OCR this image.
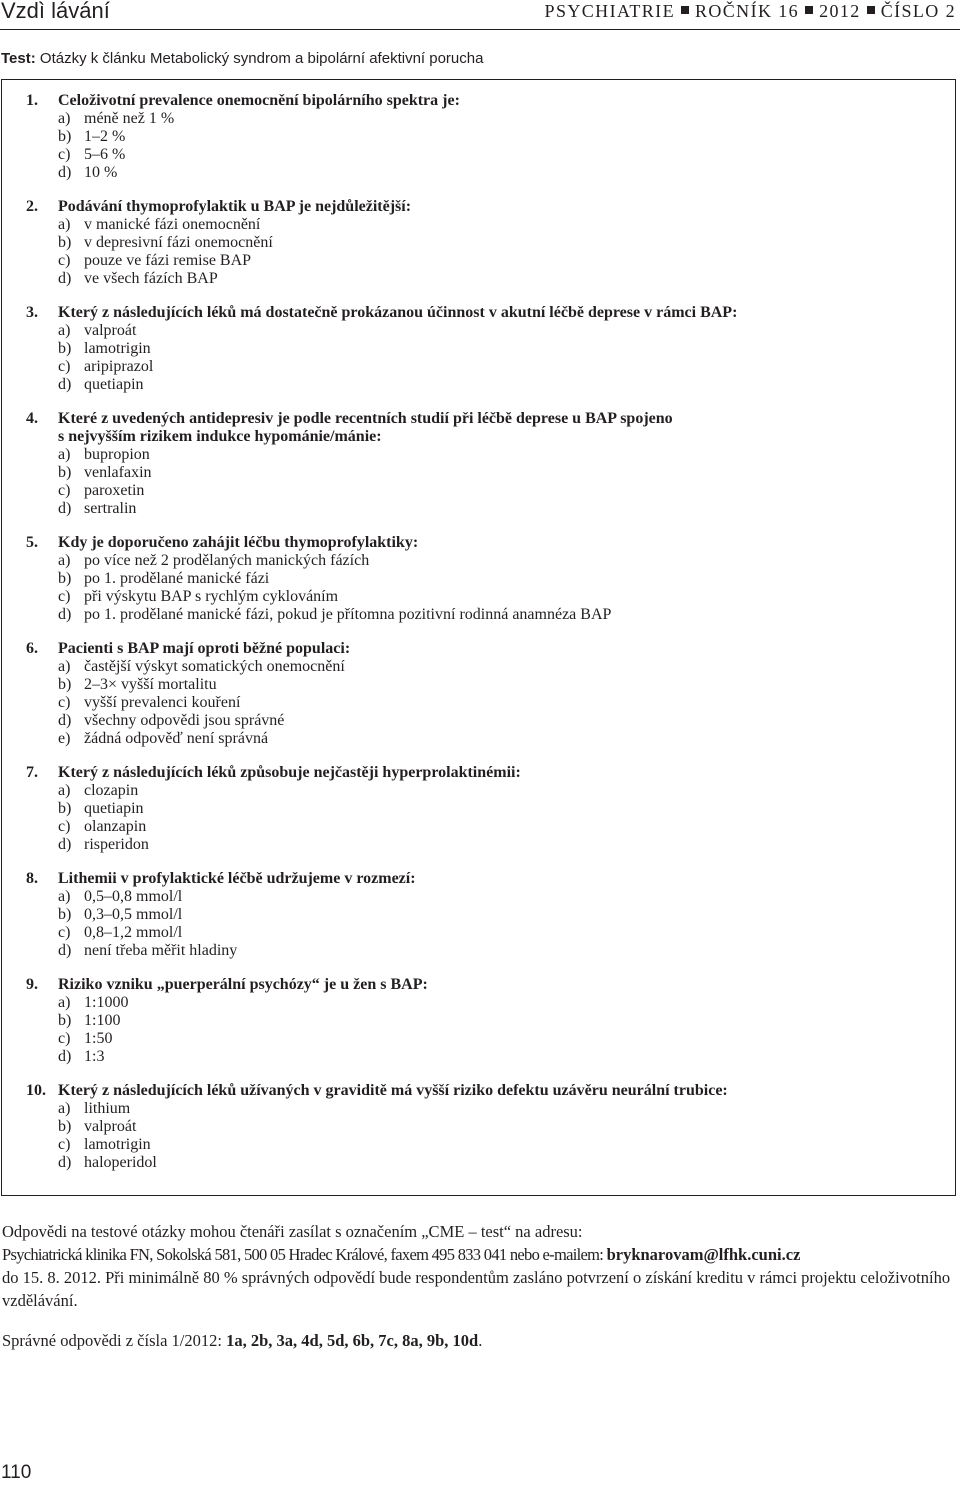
Vzdì lávání	PSYCHIATRIE ROČNÍK 16 2012 ČÍSLO 2
Test: Otázky k článku Metabolický syndrom a bipolární afektivní porucha
1. Celoživotní prevalence onemocnění bipolárního spektra je:
a) méně než 1 %
b) 1–2 %
c) 5–6 %
d) 10 %
2. Podávání thymoprofylaktik u BAP je nejdůležitější:
a) v manické fázi onemocnění
b) v depresivní fázi onemocnění
c) pouze ve fázi remise BAP
d) ve všech fázích BAP
3. Který z následujících léků má dostatečně prokázanou účinnost v akutní léčbě deprese v rámci BAP:
a) valproát
b) lamotrigin
c) aripiprazol
d) quetiapin
4. Které z uvedených antidepresiv je podle recentních studií při léčbě deprese u BAP spojeno
s nejvyšším rizikem indukce hypománie/mánie:
a) bupropion
b) venlafaxin
c) paroxetin
d) sertralin
5. Kdy je doporučeno zahájit léčbu thymoprofylaktiky:
a) po více než 2 prodělaných manických fázích
b) po 1. prodělané manické fázi
c) při výskytu BAP s rychlým cyklováním
d) po 1. prodělané manické fázi, pokud je přítomna pozitivní rodinná anamnéza BAP
6. Pacienti s BAP mají oproti běžné populaci:
a) častější výskyt somatických onemocnění
b) 2–3× vyšší mortalitu
c) vyšší prevalenci kouření
d) všechny odpovědi jsou správné
e) žádná odpověď není správná
7. Který z následujících léků způsobuje nejčastěji hyperprolaktinémii:
a) clozapin
b) quetiapin
c) olanzapin
d) risperidon
8. Lithemii v profylaktické léčbě udržujeme v rozmezí:
a) 0,5–0,8 mmol/l
b) 0,3–0,5 mmol/l
c) 0,8–1,2 mmol/l
d) není třeba měřit hladiny
9. Riziko vzniku „puerperální psychózy“ je u žen s BAP:
a) 1:1000
b) 1:100
c) 1:50
d) 1:3
10. Který z následujících léků užívaných v graviditě má vyšší riziko defektu uzávěru neurální trubice:
a) lithium
b) valproát
c) lamotrigin
d) haloperidol

Odpovědi na testové otázky mohou čtenáři zasílat s označením „CME – test“ na adresu:

Psychiatrická klinika FN, Sokolská 581, 500 05 Hradec Králové, faxem 495 833 041 nebo e-mailem: bryknarovam@lfhk.cuni.cz

do 15. 8. 2012. Při minimálně 80 % správných odpovědí bude respondentům zasláno potvrzení o získání kreditu v rámci projektu celoživotního vzdělávání.

Správné odpovědi z čísla 1/2012: 1a, 2b, 3a, 4d, 5d, 6b, 7c, 8a, 9b, 10d.
110
